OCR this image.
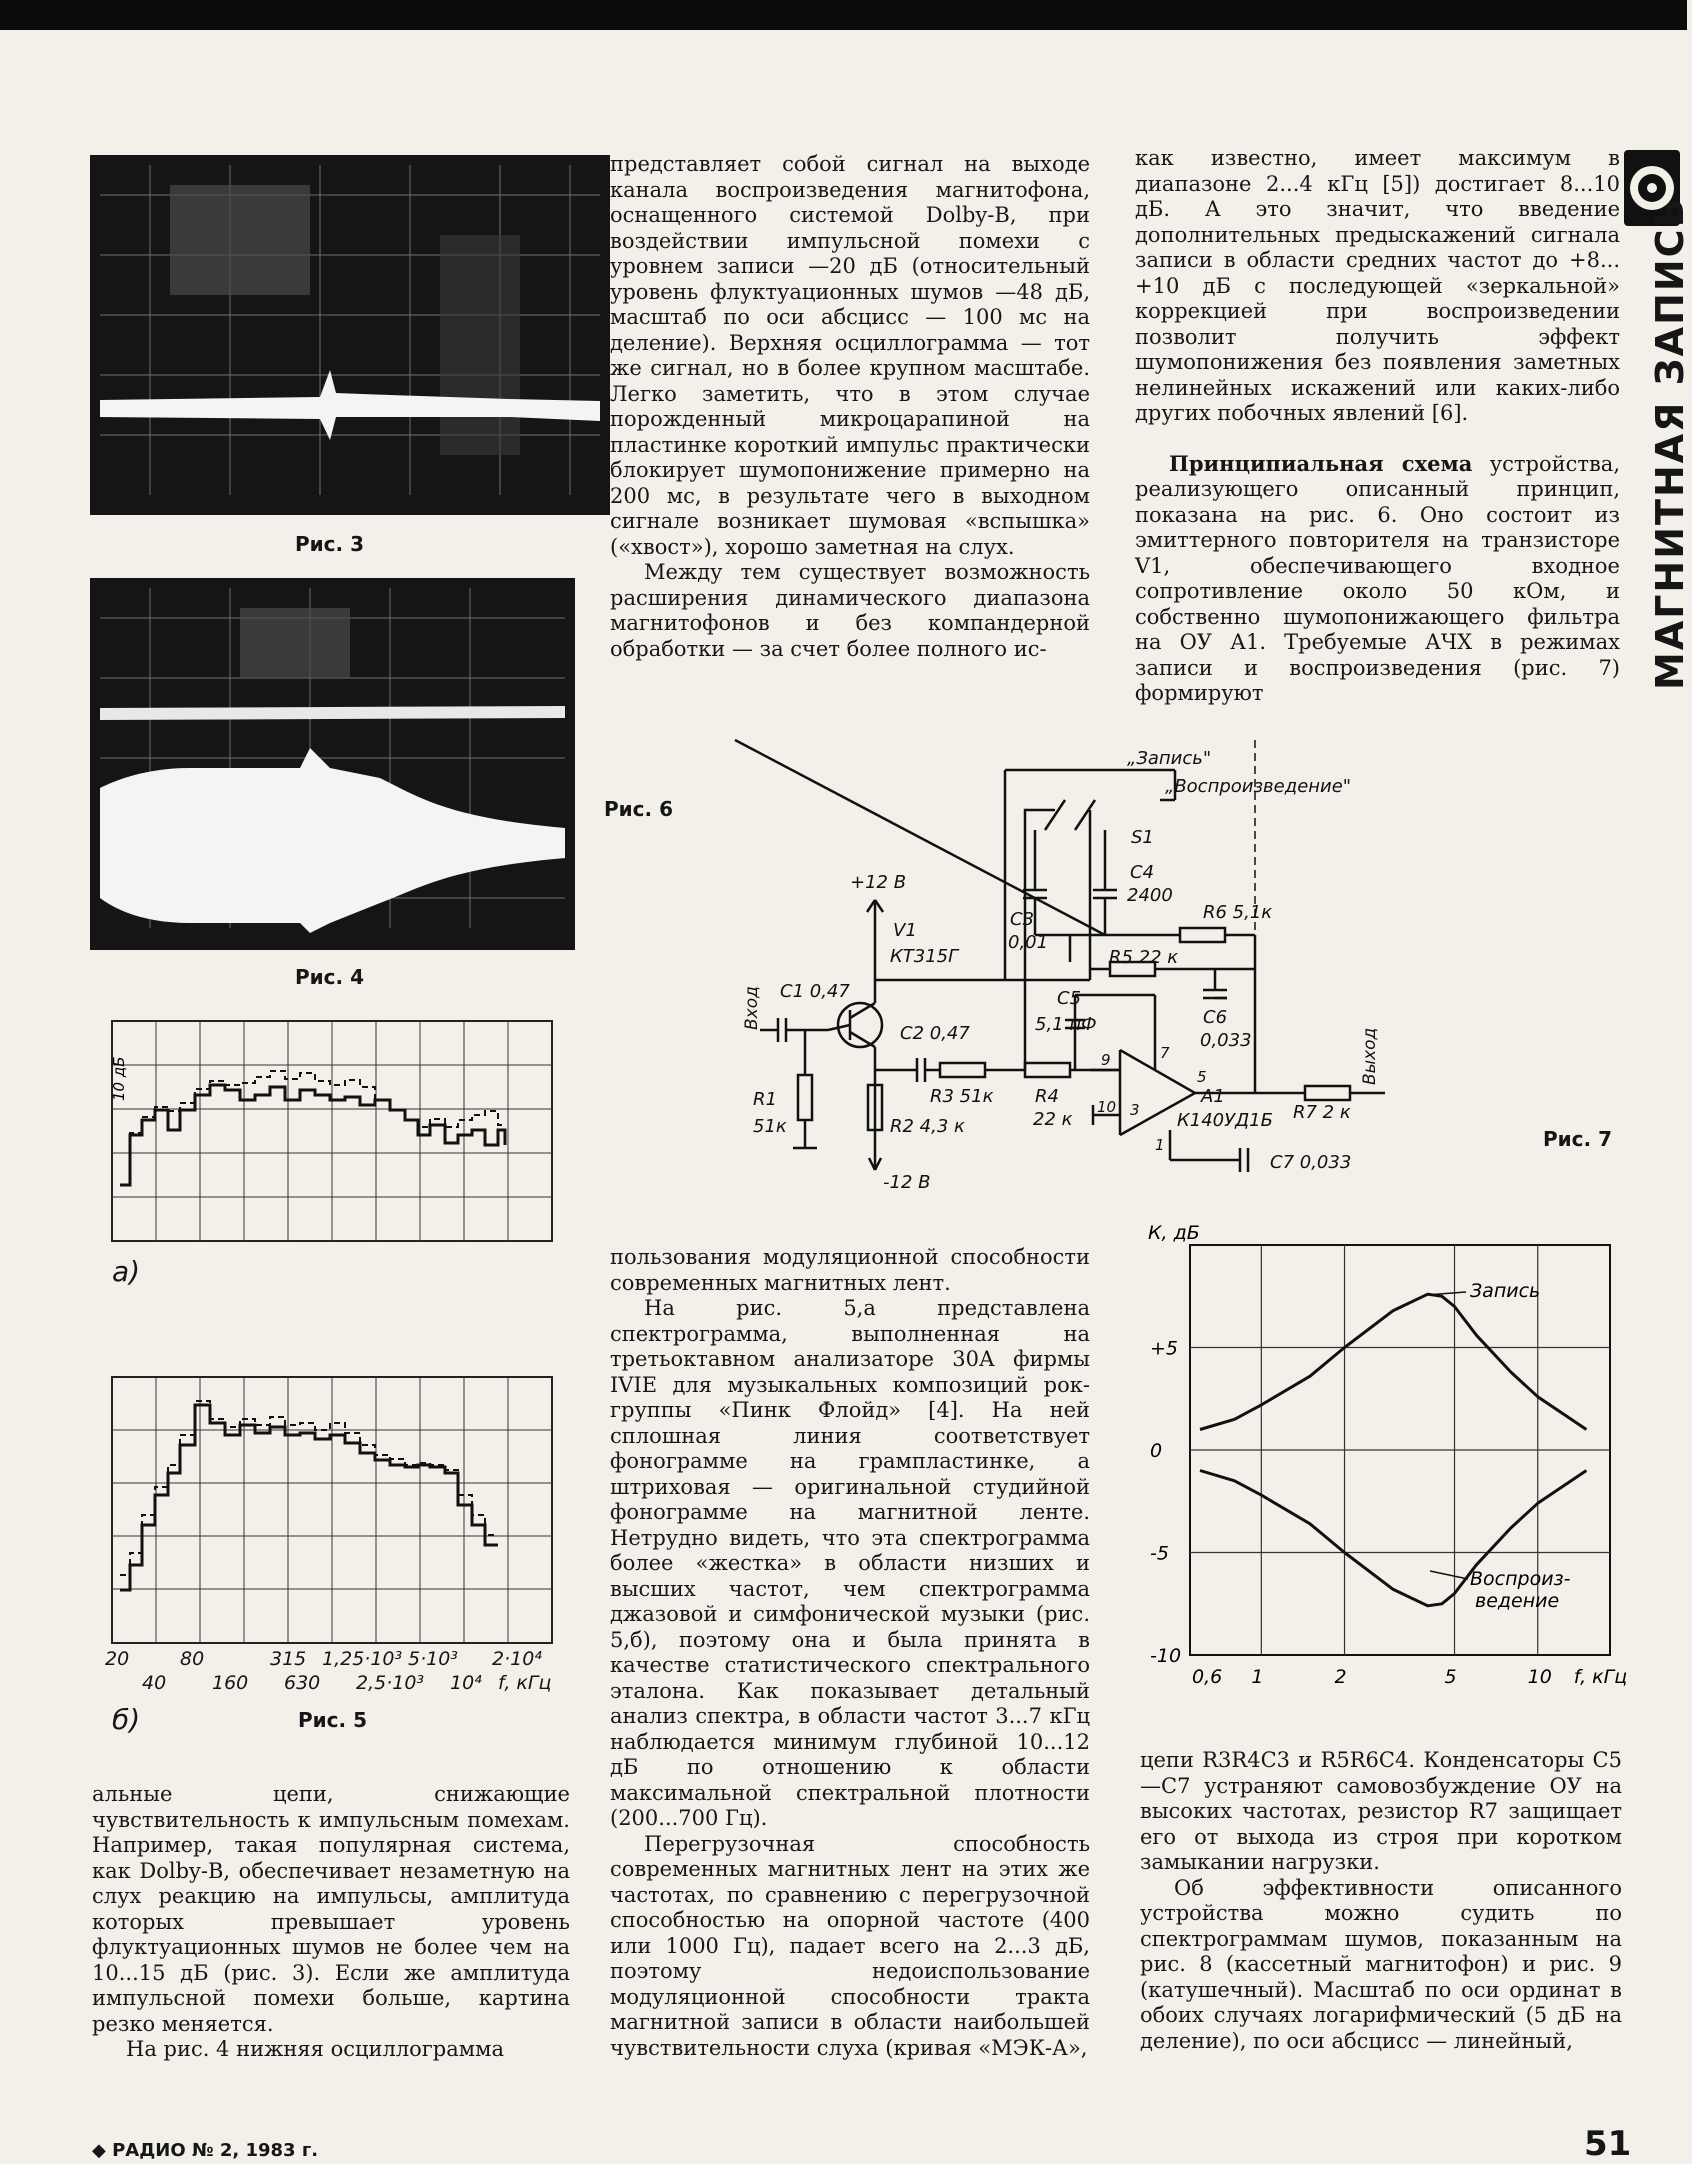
Рис. 3
Рис. 4
10 дБ
а)
20	80	315 1,25·10³ 5·10³ 2·10⁴
40 160 630 2,5·10³ 10⁴ f, кГц
б)	Рис. 5
Рис. 6
+12 В
-12 В
V1
КТ315Г
Вход
Выход
С1 0,47
С2 0,47
R1
51к	R2 4,3 к
R3 51к R4
22 к
С3
0,01
С4
2400
R5 22 к
R6 5,1к
С5
5,1 пФ	С6
0,033
А1
К140УД1Б R7 2 к
С7 0,033
S1
„Запись"
„Воспроизведение"
9
10
7
5
1
3
Рис. 7
К, дБ
+5
0
-5
-10
0,6 1	2	5	10 f, кГц
Запись
Воспроиз-
ведение

представляет собой сигнал на выходе канала воспроизведения магнитофона, оснащенного системой Dolby-B, при воздействии импульсной помехи с уровнем записи —20 дБ (относительный уровень флуктуационных шумов —48 дБ, масштаб по оси абсцисс — 100 мс на деление). Верхняя осциллограмма — тот же сигнал, но в более крупном масштабе. Легко заметить, что в этом случае порожденный микроцарапиной на пластинке короткий импульс практически блокирует шумопонижение примерно на 200 мс, в результате чего в выходном сигнале возникает шумовая «вспышка» («хвост»), хорошо заметная на слух.

Между тем существует возможность расширения динамического диапазона магнитофонов и без компандерной обработки — за счет более полного ис-

как известно, имеет максимум в диапазоне 2...4 кГц [5]) достигает 8...10 дБ. А это значит, что введение дополнительных предыскажений сигнала записи в области средних частот до +8... +10 дБ с последующей «зеркальной» коррекцией при воспроизведении позволит получить эффект шумопонижения без появления заметных нелинейных искажений или каких-либо других побочных явлений [6].

Принципиальная схема устройства, реализующего описанный принцип, показана на рис. 6. Оно состоит из эмиттерного повторителя на транзисторе V1, обеспечивающего входное сопротивление около 50 кОм, и собственно шумопонижающего фильтра на ОУ А1. Требуемые АЧХ в режимах записи и воспроизведения (рис. 7) формируют

альные цепи, снижающие чувствительность к импульсным помехам. Например, такая популярная система, как Dolby-B, обеспечивает незаметную на слух реакцию на импульсы, амплитуда которых превышает уровень флуктуационных шумов не более чем на 10...15 дБ (рис. 3). Если же амплитуда импульсной помехи больше, картина резко меняется.

На рис. 4 нижняя осциллограмма

пользования модуляционной способности современных магнитных лент.

На рис. 5,а представлена спектрограмма, выполненная на третьоктавном анализаторе 30А фирмы IVIE для музыкальных композиций рок-группы «Пинк Флойд» [4]. На ней сплошная линия соответствует фонограмме на грампластинке, а штриховая — оригинальной студийной фонограмме на магнитной ленте. Нетрудно видеть, что эта спектрограмма более «жестка» в области низших и высших частот, чем спектрограмма джазовой и симфонической музыки (рис. 5,б), поэтому она и была принята в качестве статистического спектрального эталона. Как показывает детальный анализ спектра, в области частот 3...7 кГц наблюдается минимум глубиной 10...12 дБ по отношению к области максимальной спектральной плотности (200...700 Гц).

Перегрузочная способность современных магнитных лент на этих же частотах, по сравнению с перегрузочной способностью на опорной частоте (400 или 1000 Гц), падает всего на 2...3 дБ, поэтому недоиспользование модуляционной способности тракта магнитной записи в области наибольшей чувствительности слуха (кривая «МЭК-А»,

цепи R3R4C3 и R5R6C4. Конденсаторы С5—С7 устраняют самовозбуждение ОУ на высоких частотах, резистор R7 защищает его от выхода из строя при коротком замыкании нагрузки.

Об эффективности описанного устройства можно судить по спектрограммам шумов, показанным на рис. 8 (кассетный магнитофон) и рис. 9 (катушечный). Масштаб по оси ординат в обоих случаях логарифмический (5 дБ на деление), по оси абсцисс — линейный,

МАГНИТНАЯ ЗАПИСЬ
◆ РАДИО № 2, 1983 г.	51
